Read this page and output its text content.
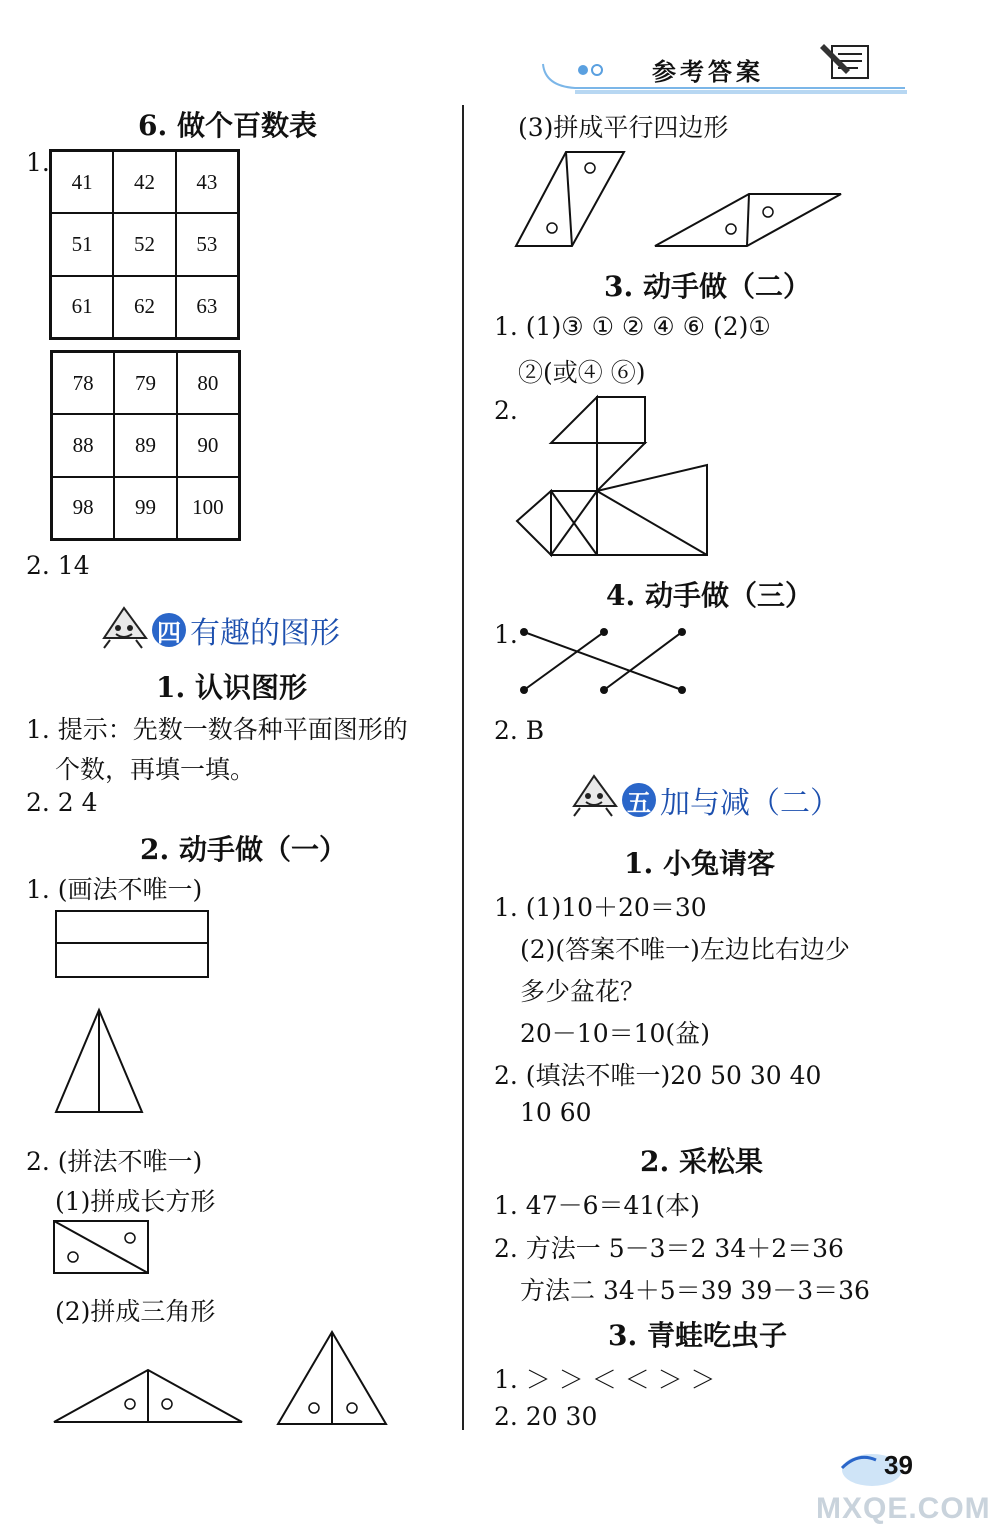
参考答案
6. 做个百数表
1.
41	42	43
51	52	53
61	62	63
78	79	80
88	89	90
98	99	100
2. 14
四 有趣的图形
1. 认识图形
1. 提示：先数一数各种平面图形的
个数，再填一填。
2. 2 4
2. 动手做（一）
1. (画法不唯一)
2. (拼法不唯一)
(1)拼成长方形
(2)拼成三角形
(3)拼成平行四边形
3. 动手做（二）
1. (1)③ ① ② ④ ⑥ (2)①
②(或④ ⑥)
2.
4. 动手做（三）
1.
2. B
五 加与减（二）
1. 小兔请客
1. (1)10＋20＝30
(2)(答案不唯一)左边比右边少
多少盆花？
20－10＝10(盆)
2. (填法不唯一)20 50 30 40
10 60
2. 采松果
1. 47－6＝41(本)
2. 方法一 5－3＝2 34＋2＝36
方法二 34＋5＝39 39－3＝36
3. 青蛙吃虫子
1. ＞ ＞ ＜ ＜ ＞ ＞
2. 20 30
39
MXQE.COM
